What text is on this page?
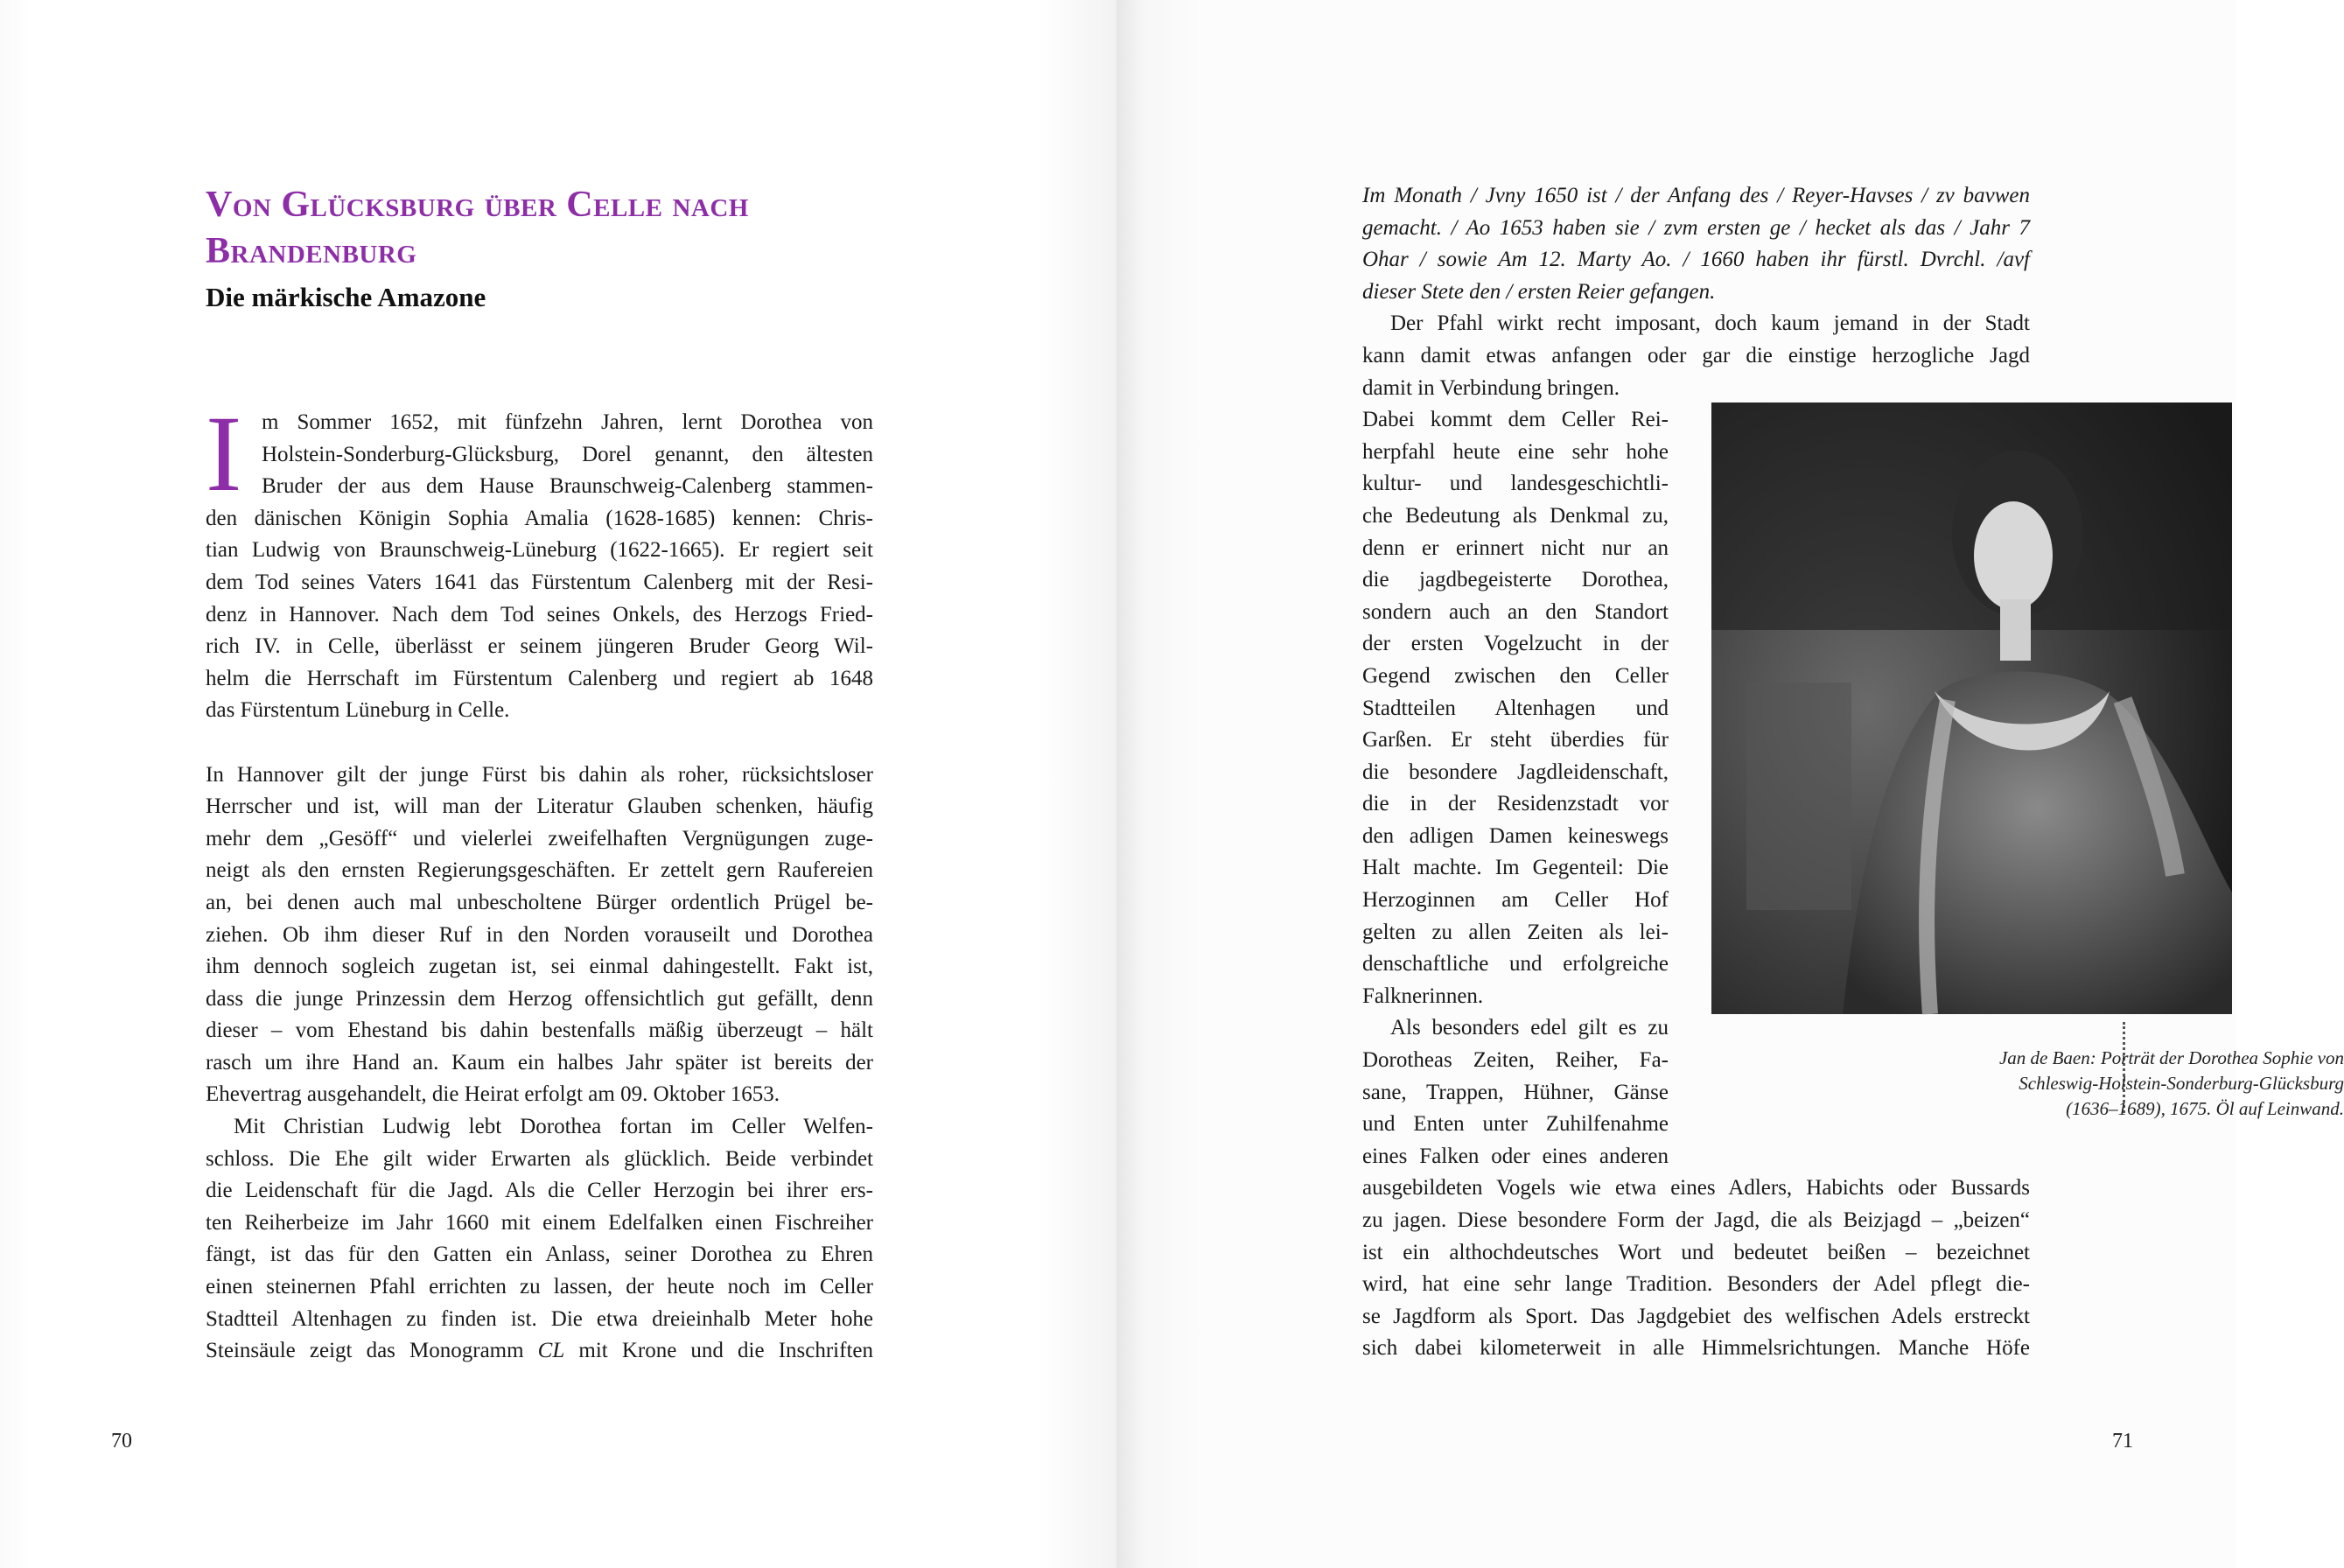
Von Glücksburg über Celle nach
Brandenburg
Die märkische Amazone
I m Sommer 1652, mit fünfzehn Jahren, lernt Dorothea von
Holstein-Sonderburg-Glücksburg, Dorel genannt, den ältesten
Bruder der aus dem Hause Braunschweig-Calenberg stammen-
den dänischen Königin Sophia Amalia (1628-1685) kennen: Chris-
tian Ludwig von Braunschweig-Lüneburg (1622-1665). Er regiert seit
dem Tod seines Vaters 1641 das Fürstentum Calenberg mit der Resi-
denz in Hannover. Nach dem Tod seines Onkels, des Herzogs Fried-
rich IV. in Celle, überlässt er seinem jüngeren Bruder Georg Wil-
helm die Herrschaft im Fürstentum Calenberg und regiert ab 1648
das Fürstentum Lüneburg in Celle.
In Hannover gilt der junge Fürst bis dahin als roher, rücksichtsloser
Herrscher und ist, will man der Literatur Glauben schenken, häufig
mehr dem „Gesöff“ und vielerlei zweifelhaften Vergnügungen zuge-
neigt als den ernsten Regierungsgeschäften. Er zettelt gern Raufereien
an, bei denen auch mal unbescholtene Bürger ordentlich Prügel be-
ziehen. Ob ihm dieser Ruf in den Norden vorauseilt und Dorothea
ihm dennoch sogleich zugetan ist, sei einmal dahingestellt. Fakt ist,
dass die junge Prinzessin dem Herzog offensichtlich gut gefällt, denn
dieser – vom Ehestand bis dahin bestenfalls mäßig überzeugt – hält
rasch um ihre Hand an. Kaum ein halbes Jahr später ist bereits der
Ehevertrag ausgehandelt, die Heirat erfolgt am 09. Oktober 1653.
Mit Christian Ludwig lebt Dorothea fortan im Celler Welfen-
schloss. Die Ehe gilt wider Erwarten als glücklich. Beide verbindet
die Leidenschaft für die Jagd. Als die Celler Herzogin bei ihrer ers-
ten Reiherbeize im Jahr 1660 mit einem Edelfalken einen Fischreiher
fängt, ist das für den Gatten ein Anlass, seiner Dorothea zu Ehren
einen steinernen Pfahl errichten zu lassen, der heute noch im Celler
Stadtteil Altenhagen zu finden ist. Die etwa dreieinhalb Meter hohe
Steinsäule zeigt das Monogramm CL mit Krone und die Inschriften
70
Im Monath / Jvny 1650 ist / der Anfang des / Reyer-Havses / zv bavwen
gemacht. / Ao 1653 haben sie / zvm ersten ge / hecket als das / Jahr 7
Ohar / sowie Am 12. Marty Ao. / 1660 haben ihr fürstl. Dvrchl. /avf
dieser Stete den / ersten Reier gefangen.
Der Pfahl wirkt recht imposant, doch kaum jemand in der Stadt
kann damit etwas anfangen oder gar die einstige herzogliche Jagd
damit in Verbindung bringen.
Dabei kommt dem Celler Rei-
herpfahl heute eine sehr hohe
kultur- und landesgeschichtli-
che Bedeutung als Denkmal zu,
denn er erinnert nicht nur an
die jagdbegeisterte Dorothea,
sondern auch an den Standort
der ersten Vogelzucht in der
Gegend zwischen den Celler
Stadtteilen Altenhagen und
Garßen. Er steht überdies für
die besondere Jagdleidenschaft,
die in der Residenzstadt vor
den adligen Damen keineswegs
Halt machte. Im Gegenteil: Die
Herzoginnen am Celler Hof
gelten zu allen Zeiten als lei-
denschaftliche und erfolgreiche
Falknerinnen.
Als besonders edel gilt es zu
Dorotheas Zeiten, Reiher, Fa-
sane, Trappen, Hühner, Gänse
und Enten unter Zuhilfenahme
eines Falken oder eines anderen
ausgebildeten Vogels wie etwa eines Adlers, Habichts oder Bussards
zu jagen. Diese besondere Form der Jagd, die als Beizjagd – „beizen“
ist ein althochdeutsches Wort und bedeutet beißen – bezeichnet
wird, hat eine sehr lange Tradition. Besonders der Adel pflegt die-
se Jagdform als Sport. Das Jagdgebiet des welfischen Adels erstreckt
sich dabei kilometerweit in alle Himmelsrichtungen. Manche Höfe
Jan de Baen: Porträt der Dorothea Sophie von
Schleswig-Holstein-Sonderburg-Glücksburg
(1636–1689), 1675. Öl auf Leinwand.
71
